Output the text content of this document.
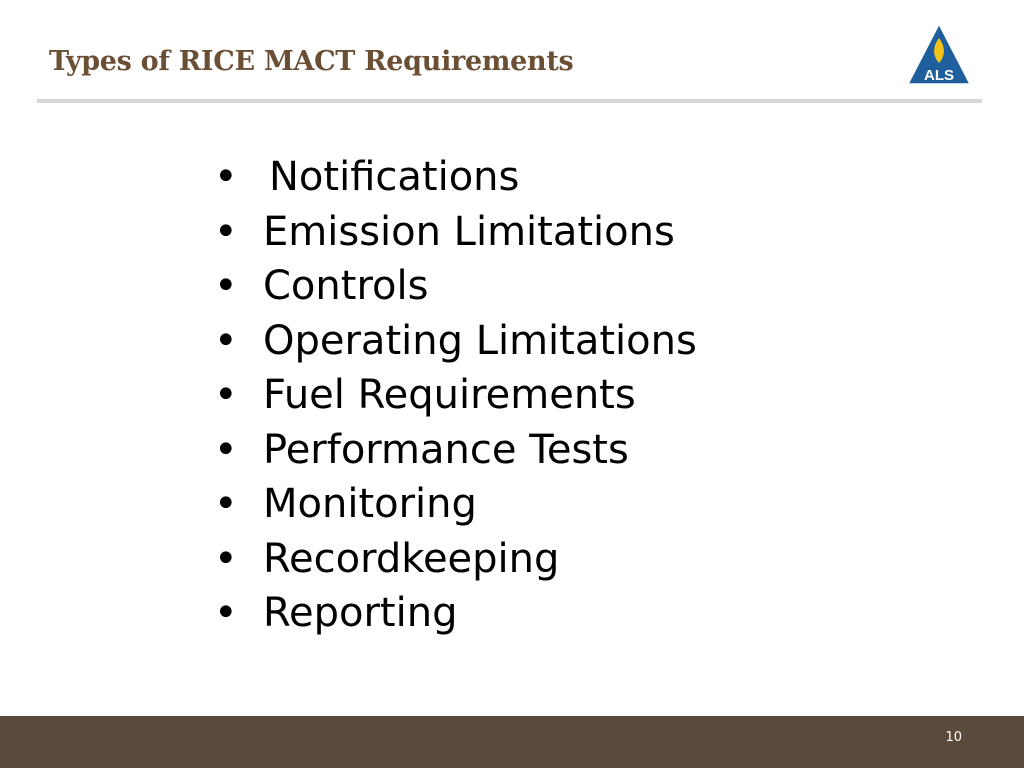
Types of RICE MACT Requirements	ALS
• Notifications
• Emission Limitations
• Controls
• Operating Limitations
• Fuel Requirements
• Performance Tests
• Monitoring
• Recordkeeping
• Reporting
10
